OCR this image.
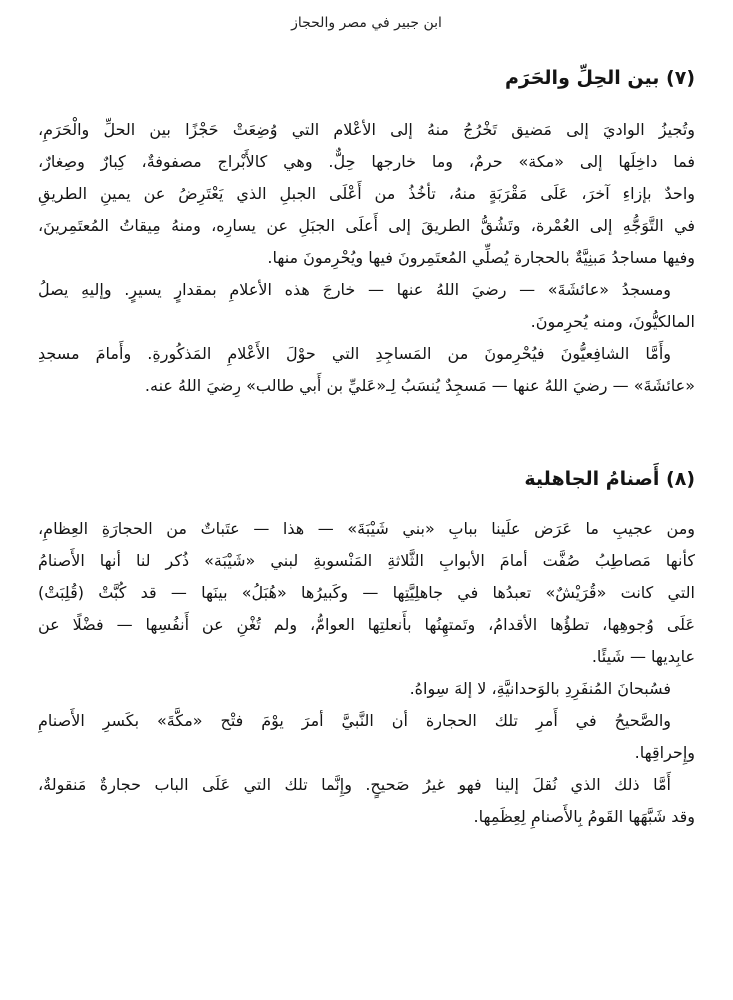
ابن جبير في مصر والحجاز
(٧) بين الحِلِّ والحَرَم

وتُجيزُ الواديَ إلى مَضيق تَخْرُجُ منهُ إلى الأعْلام التي وُضِعَتْ حَجْزًا بين الحلِّ والْحَرَمِ،
فما داخِلَها إلى «مكة» حرمٌ، وما خارجها حِلٌّ. وهي كالأَبْراج مصفوفةٌ، كِبارٌ وصِغارٌ،
واحدٌ بإزاءِ آخرَ، عَلَى مَقْرَبَةٍ منهُ، تأخُذُ من أَعْلَى الجبلِ الذي يَعْتَرِضُ عن يمينِ الطريقِ
في التَّوَجُّهِ إلى العُمْرة، وتَشُقُّ الطريقَ إلى أَعلَى الجبَلِ عن يسارِه، ومنهُ مِيقاتُ المُعتَمِرينَ،
وفيها مساجدُ مَبنِيَّةٌ بالحجارة يُصلِّي المُعتَمِرونَ فيها ويُحْرِمونَ منها.

ومسجدُ «عائشَةَ» — رضيَ اللهُ عنها — خارجَ هذه الأعلامِ بمقدارٍ يسيرٍ. وإليهِ يصلُ
المالكيُّونَ، ومنه يُحرِمونَ.

وأَمَّا الشافِعيُّونَ فيُحْرِمونَ من المَساجِدِ التي حوْلَ الأَعْلامِ المَذكُورةِ. وأَمامَ مسجدِ
«عائشَةَ» — رضيَ اللهُ عنها — مَسجِدٌ يُنسَبُ لِـ«عَليِّ بن أَبي طالب» رِضيَ اللهُ عنه.

(٨) أَصنامُ الجاهلية

ومن عجيبِ ما عَرَض علَينا ببابِ «بني شَيْبَةَ» — هذا — عتَباتٌ من الحجارَةِ العِظامِ،
كأنها مَصاطِبُ صُفَّت أمامَ الأبوابِ الثَّلاثةِ المَنْسوبةِ لبني «شَيْبَة» ذُكر لنا أنها الأَصنامُ
التي كانت «قُرَيْشٌ» تعبدُها في جاهلِيَّتِها — وكَبيرُها «هُبَلُ» بينَها — قد كُبَّتْ (قُلِبَتْ)
عَلَى وُجوهِها، تطؤُها الأقدامُ، وتَمتهِنُها بأَنعلتِها العوامُّ، ولم تُغْنِ عن أَنفُسِها — فضْلًا عن
عابِديها — شَيئًا.

فسُبحانَ المُنفَرِدِ بالوَحدانيَّةِ، لا إلهَ سِواهُ.

والصَّحيحُ في أَمرِ تلك الحجارة أن النَّبيَّ أمرَ يوْمَ فتْح «مكَّةَ» بكَسرِ الأَصنامِ
وإِحراقِها.

أَمَّا ذلك الذي نُقلَ إلينا فهو غيرُ صَحيحٍ. وإِنَّما تلك التي عَلَى الباب حجارةٌ مَنقولةٌ،
وقد شَبَّهَها القَومُ بِالأَصنامِ لِعِظَمِها.
